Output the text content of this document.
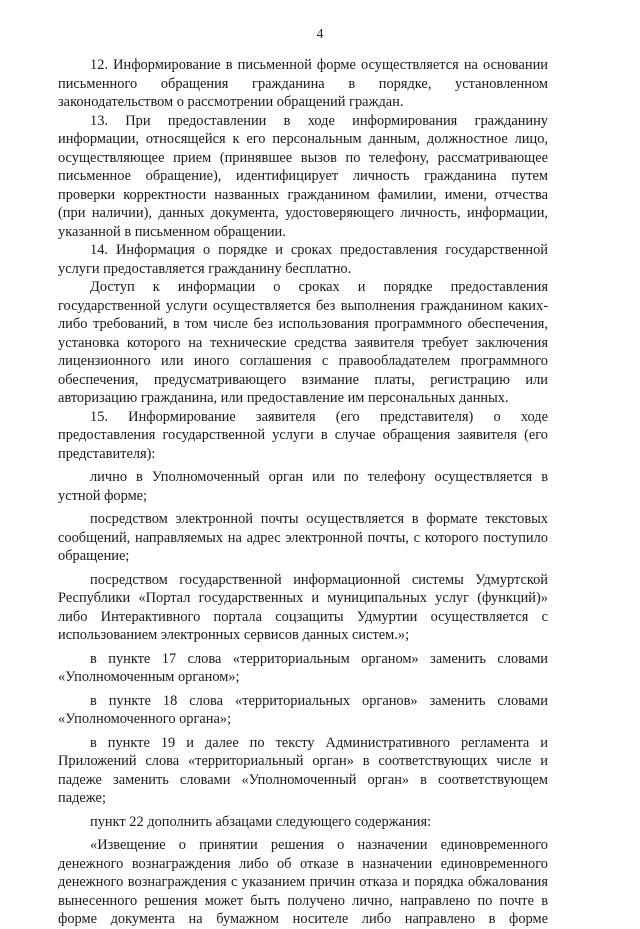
4

12. Информирование в письменной форме осуществляется на основании письменного обращения гражданина в порядке, установленном законодательством о рассмотрении обращений граждан.

13. При предоставлении в ходе информирования гражданину информации, относящейся к его персональным данным, должностное лицо, осуществляющее прием (принявшее вызов по телефону, рассматривающее письменное обращение), идентифицирует личность гражданина путем проверки корректности названных гражданином фамилии, имени, отчества (при наличии), данных документа, удостоверяющего личность, информации, указанной в письменном обращении.

14. Информация о порядке и сроках предоставления государственной услуги предоставляется гражданину бесплатно.

Доступ к информации о сроках и порядке предоставления государственной услуги осуществляется без выполнения гражданином каких-либо требований, в том числе без использования программного обеспечения, установка которого на технические средства заявителя требует заключения лицензионного или иного соглашения с правообладателем программного обеспечения, предусматривающего взимание платы, регистрацию или авторизацию гражданина, или предоставление им персональных данных.

15. Информирование заявителя (его представителя) о ходе предоставления государственной услуги в случае обращения заявителя (его представителя):

лично в Уполномоченный орган или по телефону осуществляется в устной форме;

посредством электронной почты осуществляется в формате текстовых сообщений, направляемых на адрес электронной почты, с которого поступило обращение;

посредством государственной информационной системы Удмуртской Республики «Портал государственных и муниципальных услуг (функций)» либо Интерактивного портала соцзащиты Удмуртии осуществляется с использованием электронных сервисов данных систем.»;

в пункте 17 слова «территориальным органом» заменить словами «Уполномоченным органом»;

в пункте 18 слова «территориальных органов» заменить словами «Уполномоченного органа»;

в пункте 19 и далее по тексту Административного регламента и Приложений слова «территориальный орган» в соответствующих числе и падеже заменить словами «Уполномоченный орган» в соответствующем падеже;

пункт 22 дополнить абзацами следующего содержания:

«Извещение о принятии решения о назначении единовременного денежного вознаграждения либо об отказе в назначении единовременного денежного вознаграждения с указанием причин отказа и порядка обжалования вынесенного решения может быть получено лично, направлено по почте в форме документа на бумажном носителе либо направлено в форме
